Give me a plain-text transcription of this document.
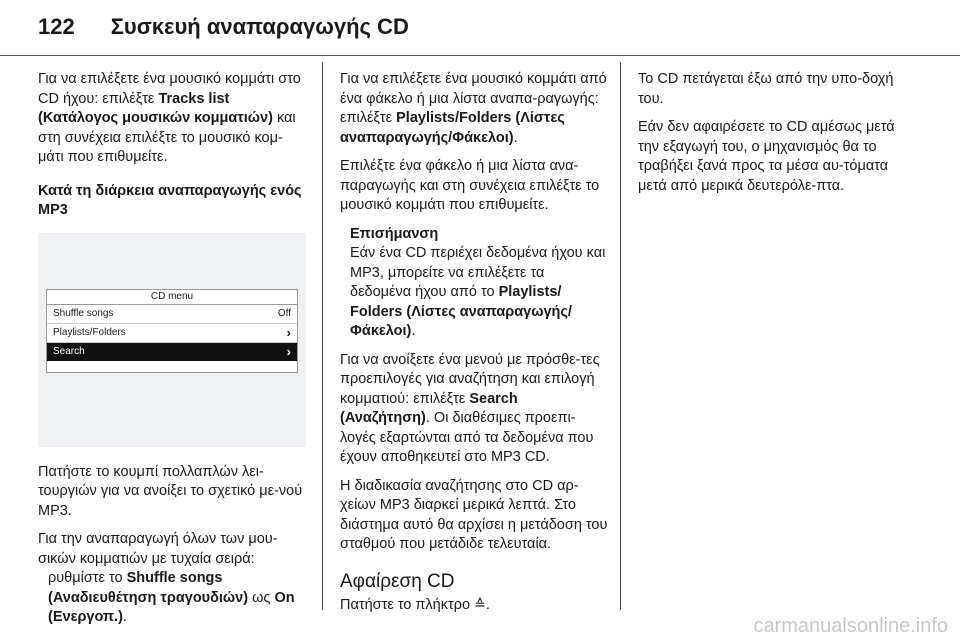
122 Συσκευή αναπαραγωγής CD

Για να επιλέξετε ένα μουσικό κομμάτι στο CD ήχου: επιλέξτε Tracks list (Κατάλογος μουσικών κομματιών) και στη συνέχεια επιλέξτε το μουσικό κομ-μάτι που επιθυμείτε.

Κατά τη διάρκεια αναπαραγωγής ενός MP3
CD menu
Shuffle songs	Off
Playlists/Folders	›
Search	›

Πατήστε το κουμπί πολλαπλών λει-τουργιών για να ανοίξει το σχετικό με-νού MP3.

Για την αναπαραγωγή όλων των μου-σικών κομματιών με τυχαία σειρά:

ρυθμίστε το Shuffle songs (Αναδιευθέτηση τραγουδιών) ως On (Ενεργοπ.).

Για να επιλέξετε ένα μουσικό κομμάτι από ένα φάκελο ή μια λίστα αναπα-ραγωγής: επιλέξτε Playlists/Folders (Λίστες αναπαραγωγής/Φάκελοι).

Επιλέξτε ένα φάκελο ή μια λίστα ανα-παραγωγής και στη συνέχεια επιλέξτε το μουσικό κομμάτι που επιθυμείτε.

Επισήμανση
Εάν ένα CD περιέχει δεδομένα ήχου και MP3, μπορείτε να επιλέξετε τα δεδομένα ήχου από το Playlists/ Folders (Λίστες αναπαραγωγής/ Φάκελοι).

Για να ανοίξετε ένα μενού με πρόσθε-τες προεπιλογές για αναζήτηση και επιλογή κομματιού: επιλέξτε Search (Αναζήτηση). Οι διαθέσιμες προεπι-λογές εξαρτώνται από τα δεδομένα που έχουν αποθηκευτεί στο MP3 CD.

Η διαδικασία αναζήτησης στο CD αρ-χείων MP3 διαρκεί μερικά λεπτά. Στο διάστημα αυτό θα αρχίσει η μετάδοση του σταθμού που μετάδιδε τελευταία.

Αφαίρεση CD

Πατήστε το πλήκτρο ≙.

Το CD πετάγεται έξω από την υπο-δοχή του.

Εάν δεν αφαιρέσετε το CD αμέσως μετά την εξαγωγή του, ο μηχανισμός θα το τραβήξει ξανά προς τα μέσα αυ-τόματα μετά από μερικά δευτερόλε-πτα.

carmanualsonline.info
